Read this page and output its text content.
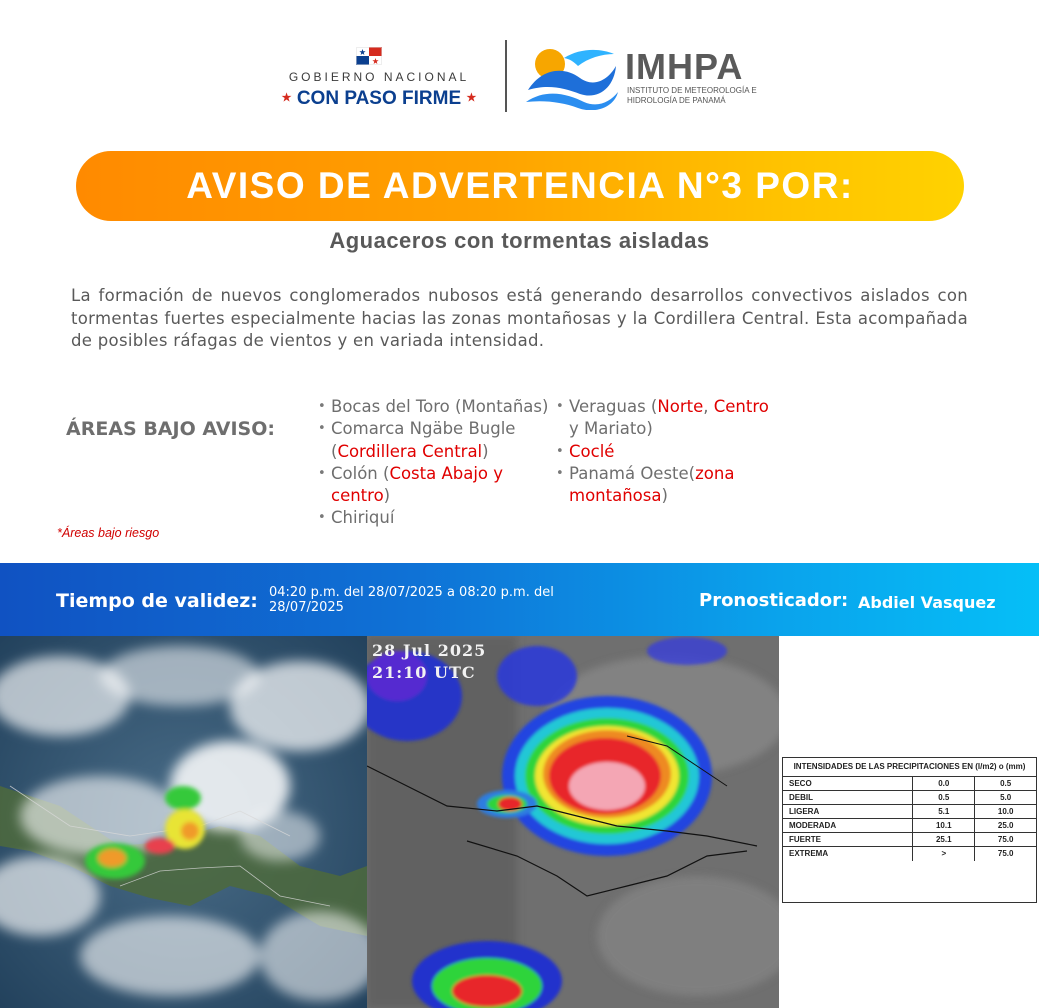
GOBIERNO NACIONAL
★ CON PASO FIRME ★
IMHPA
INSTITUTO DE METEOROLOGÍA E HIDROLOGÍA DE PANAMÁ
AVISO DE ADVERTENCIA N°3 POR:
Aguaceros con tormentas aisladas
La formación de nuevos conglomerados nubosos está generando desarrollos convectivos aislados con tormentas fuertes especialmente hacias las zonas montañosas y la Cordillera Central. Esta acompañada de posibles ráfagas de vientos y en variada intensidad.
ÁREAS BAJO AVISO:
*Áreas bajo riesgo
• Bocas del Toro (Montañas)
• Comarca Ngäbe Bugle (Cordillera Central)
• Colón (Costa Abajo y centro)
• Chiriquí
• Veraguas (Norte, Centro y Mariato)
• Coclé
• Panamá Oeste(zona montañosa)
Tiempo de validez: 04:20 p.m. del 28/07/2025 a 08:20 p.m. del 28/07/2025	Pronosticador: Abdiel Vasquez
28 Jul 2025
21:10 UTC
INTENSIDADES DE LAS PRECIPITACIONES EN (l/m2) o (mm)		
SECO	0.0	0.5
DEBIL	0.5	5.0
LIGERA	5.1	10.0
MODERADA	10.1	25.0
FUERTE	25.1	75.0
EXTREMA	>	75.0
